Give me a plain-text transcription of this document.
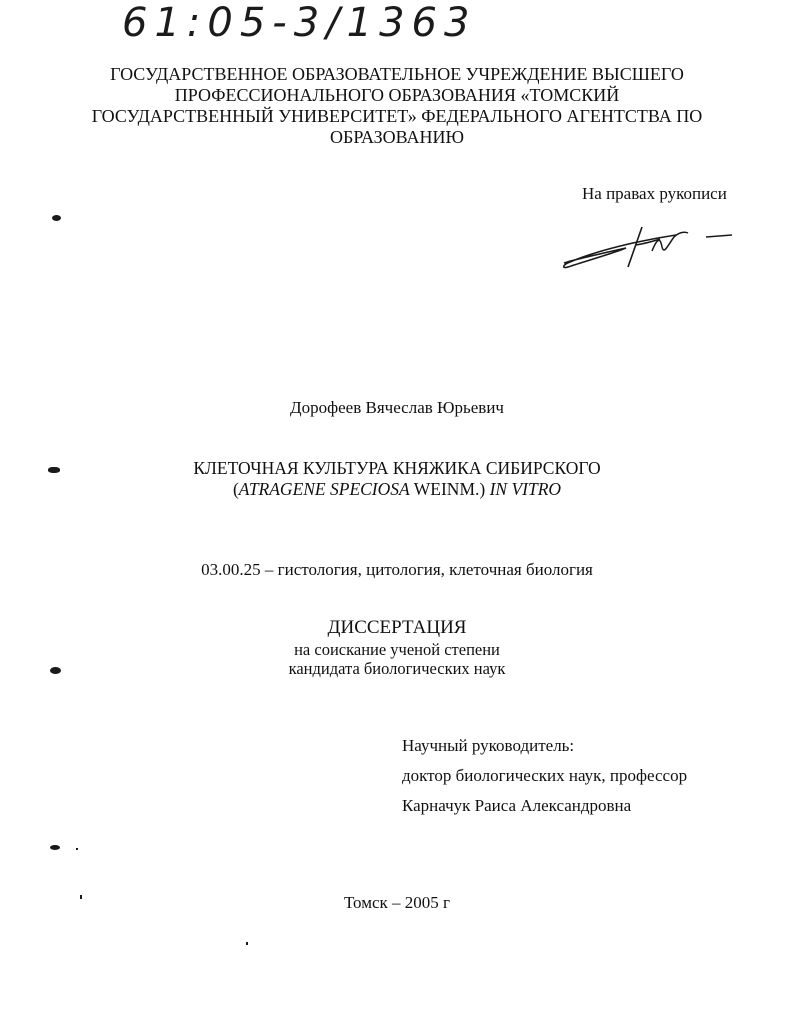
61:05-3/1363
ГОСУДАРСТВЕННОЕ ОБРАЗОВАТЕЛЬНОЕ УЧРЕЖДЕНИЕ ВЫСШЕГО
ПРОФЕССИОНАЛЬНОГО ОБРАЗОВАНИЯ «ТОМСКИЙ
ГОСУДАРСТВЕННЫЙ УНИВЕРСИТЕТ» ФЕДЕРАЛЬНОГО АГЕНТСТВА ПО
ОБРАЗОВАНИЮ
На правах рукописи
Дорофеев Вячеслав Юрьевич
КЛЕТОЧНАЯ КУЛЬТУРА КНЯЖИКА СИБИРСКОГО
(ATRAGENE SPECIOSA WEINM.) IN VITRO
03.00.25 – гистология, цитология, клеточная биология
ДИССЕРТАЦИЯ
на соискание ученой степени
кандидата биологических наук
Научный руководитель:
доктор биологических наук, профессор
Карначук Раиса Александровна
Томск – 2005 г
